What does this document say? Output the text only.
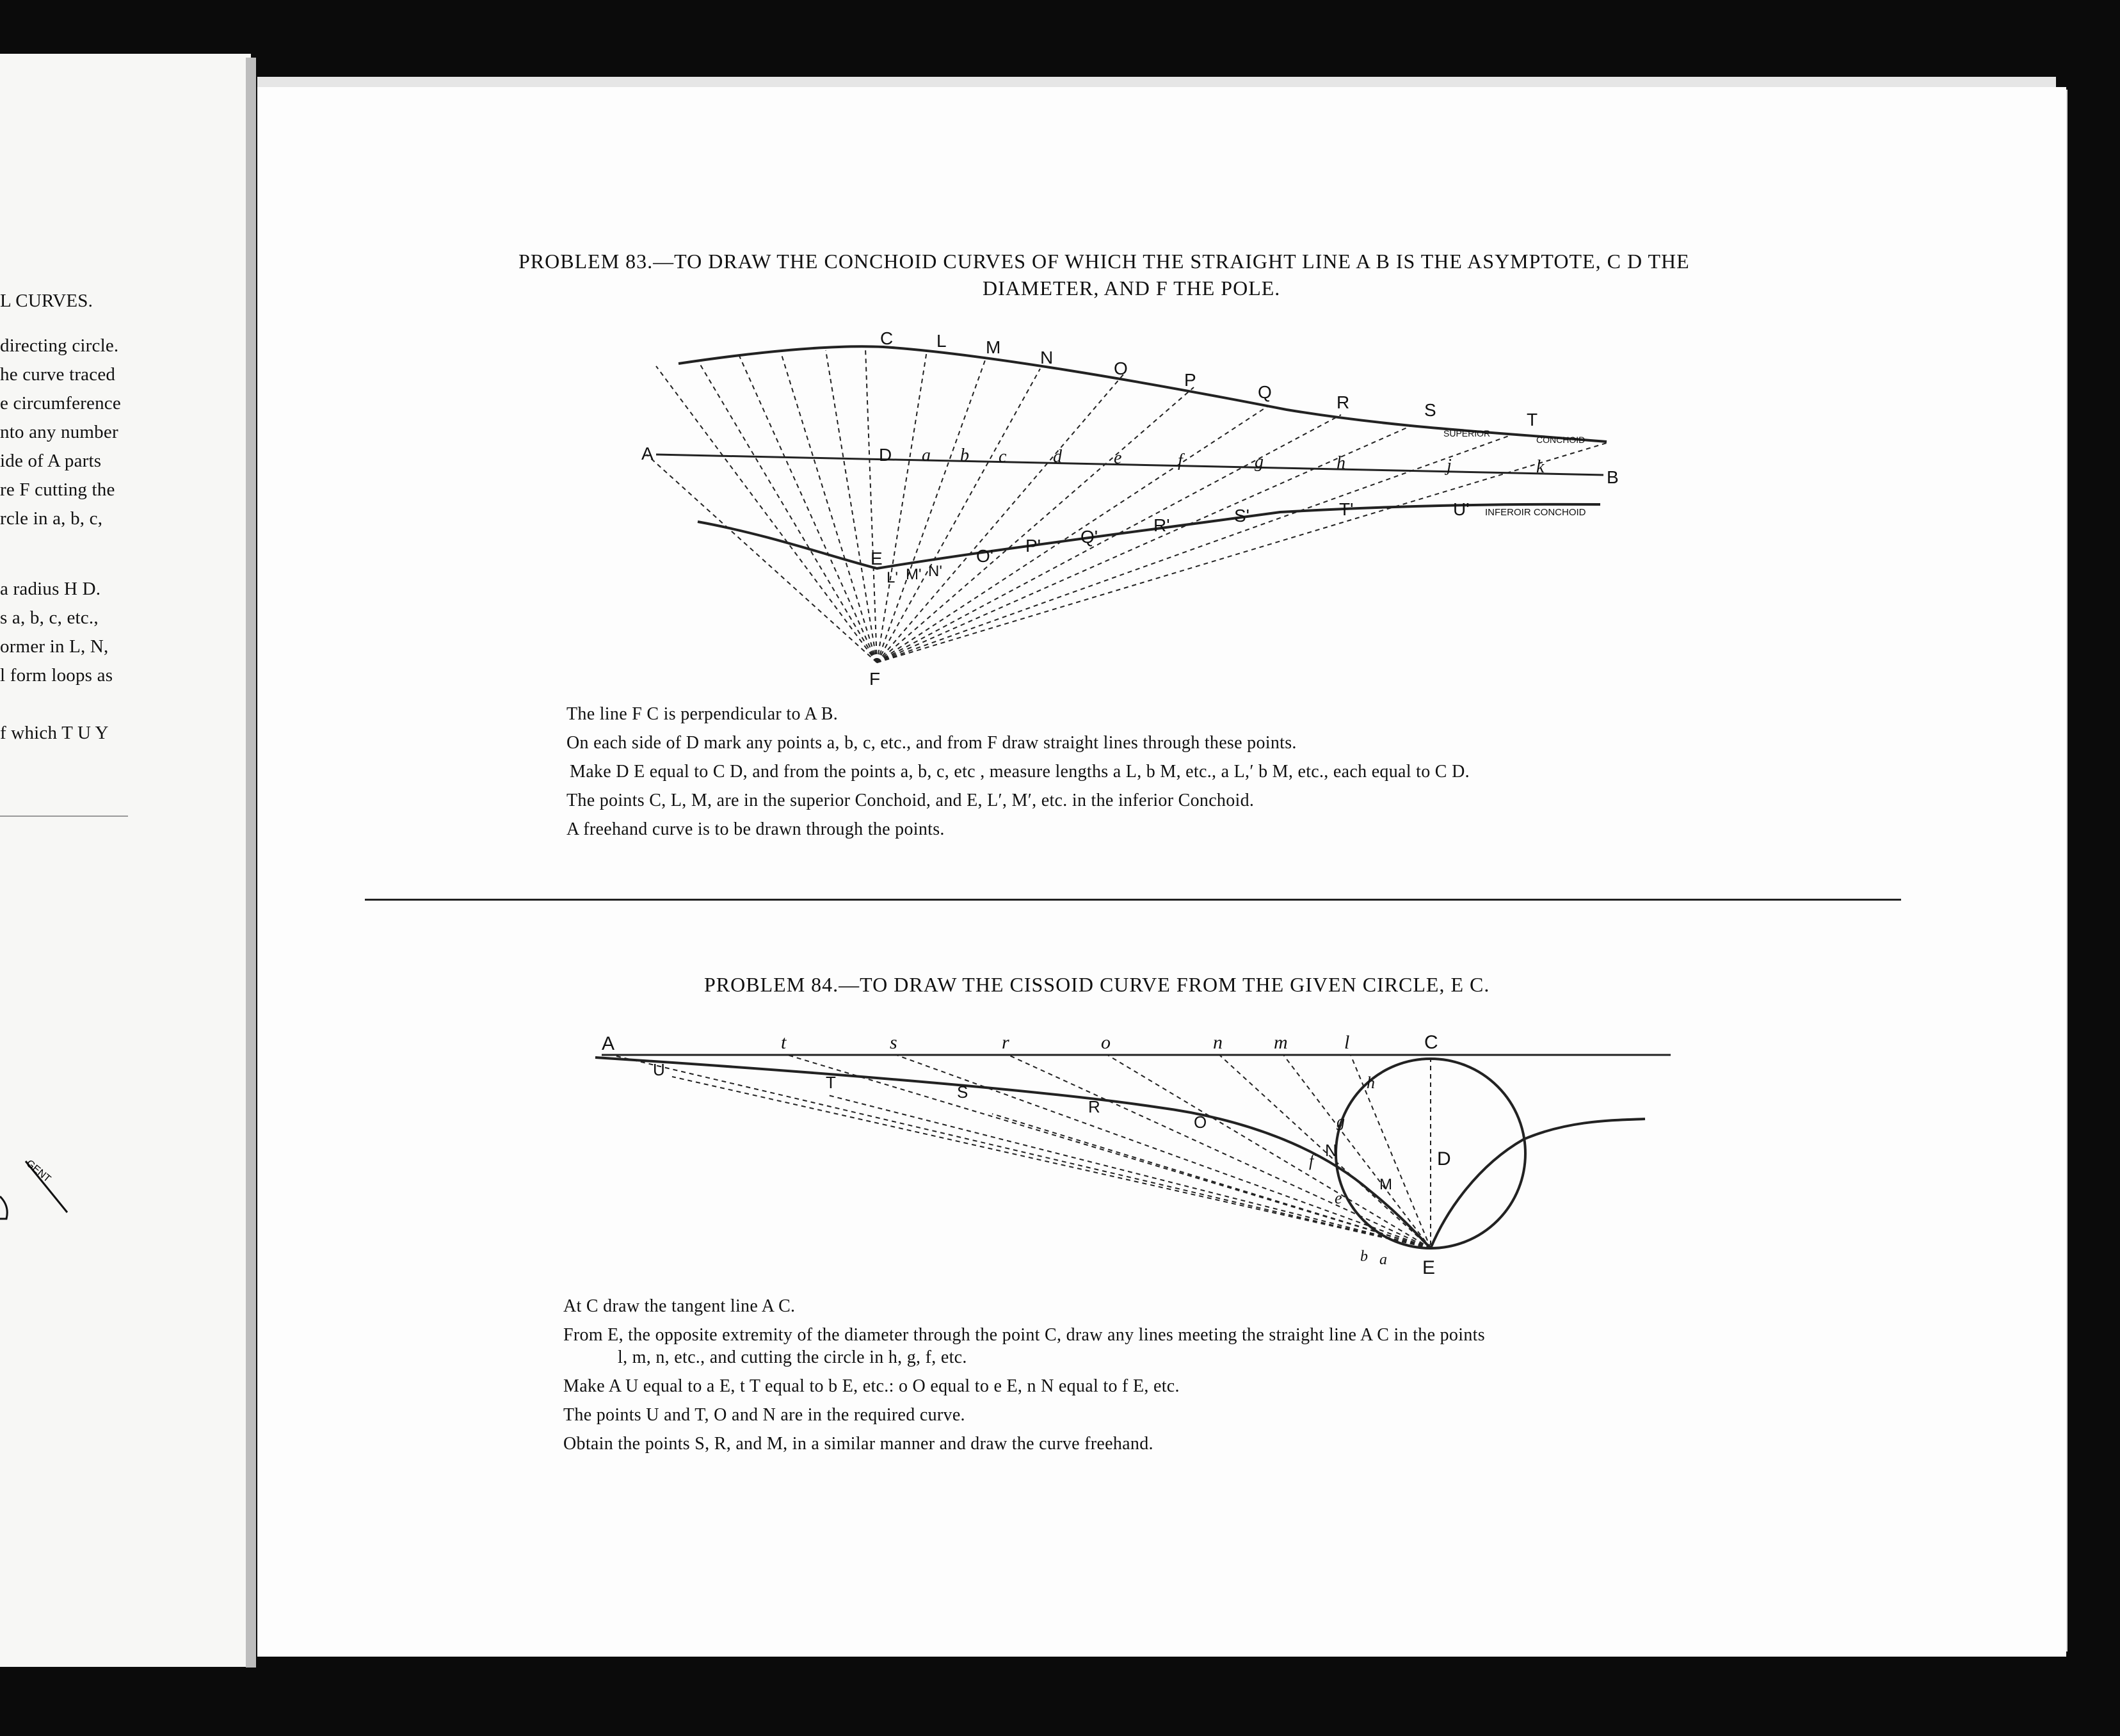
L CURVES.
directing circle.
he curve traced
e circumference
nto any number
ide of A parts
re F cutting the
rcle in a, b, c,
a radius H D.
s a, b, c, etc.,
ormer in L, N,
l form loops as
f which T U Y
GENT
PROBLEM 83.—TO DRAW THE CONCHOID CURVES OF WHICH THE STRAIGHT LINE A B IS THE ASYMPTOTE, C D THE
DIAMETER, AND F THE POLE.
C L M
N
O
P
Q
R	S	T
A
B
D a b c	d	e	f	g	h	j	k
E
L' M' N'
O'
P' Q'
R'	S'	T'	U'
F
SUPERIOR
CONCHOID
INFEROIR CONCHOID
The line F C is perpendicular to A B.
On each side of D mark any points a, b, c, etc., and from F draw straight lines through these points.
Make D E equal to C D, and from the points a, b, c, etc , measure lengths a L, b M, etc., a L,′ b M, etc., each equal to C D.
The points C, L, M, are in the superior Conchoid, and E, L′, M′, etc. in the inferior Conchoid.
A freehand curve is to be drawn through the points.
PROBLEM 84.—TO DRAW THE CISSOID CURVE FROM THE GIVEN CIRCLE, E C.
A	C
D
E
t	s	r	o	n	m	l
U
T	S
R
O
N
M
h
g
f
e
b a
At C draw the tangent line A C.
From E, the opposite extremity of the diameter through the point C, draw any lines meeting the straight line A C in the points
l, m, n, etc., and cutting the circle in h, g, f, etc.
Make A U equal to a E, t T equal to b E, etc.: o O equal to e E, n N equal to f E, etc.
The points U and T, O and N are in the required curve.
Obtain the points S, R, and M, in a similar manner and draw the curve freehand.
